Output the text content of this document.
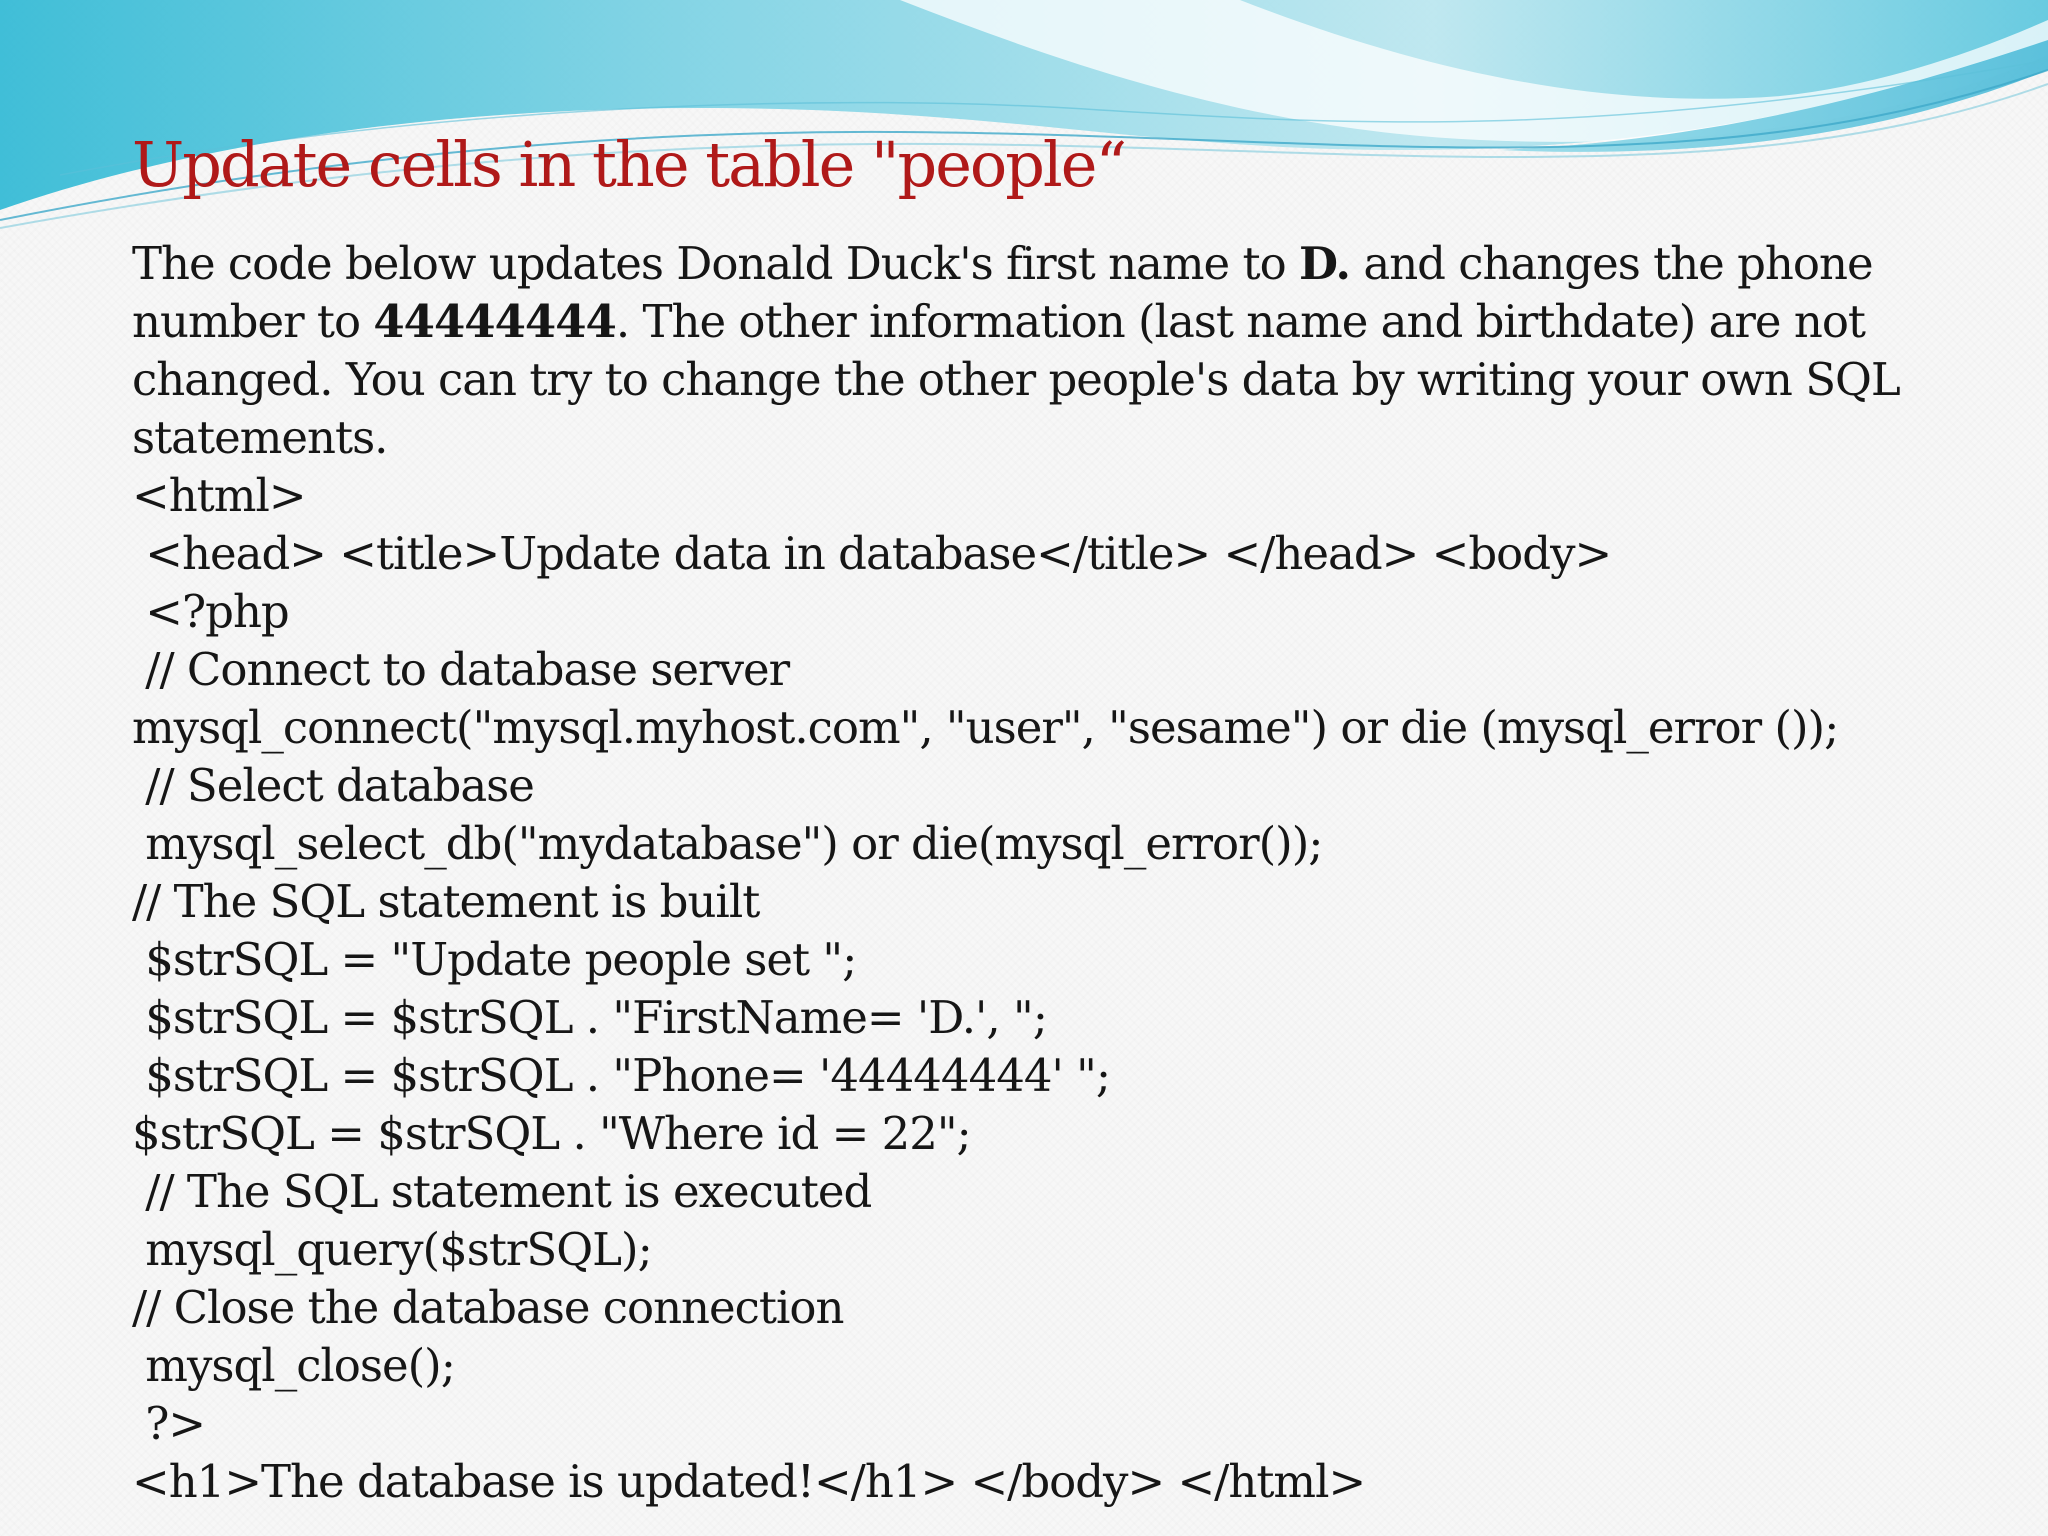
Update cells in the table "people“

The code below updates Donald Duck's first name to D. and changes the phone number to 44444444. The other information (last name and birthdate) are not changed. You can try to change the other people's data by writing your own SQL statements.

<html>
<head> <title>Update data in database</title> </head> <body>
<?php
// Connect to database server
mysql_connect("mysql.myhost.com", "user", "sesame") or die (mysql_error ());
// Select database
mysql_select_db("mydatabase") or die(mysql_error());
// The SQL statement is built
$strSQL = "Update people set ";
$strSQL = $strSQL . "FirstName= 'D.', ";
$strSQL = $strSQL . "Phone= '44444444' ";
$strSQL = $strSQL . "Where id = 22";
// The SQL statement is executed
mysql_query($strSQL);
// Close the database connection
mysql_close();
?>
<h1>The database is updated!</h1> </body> </html>
